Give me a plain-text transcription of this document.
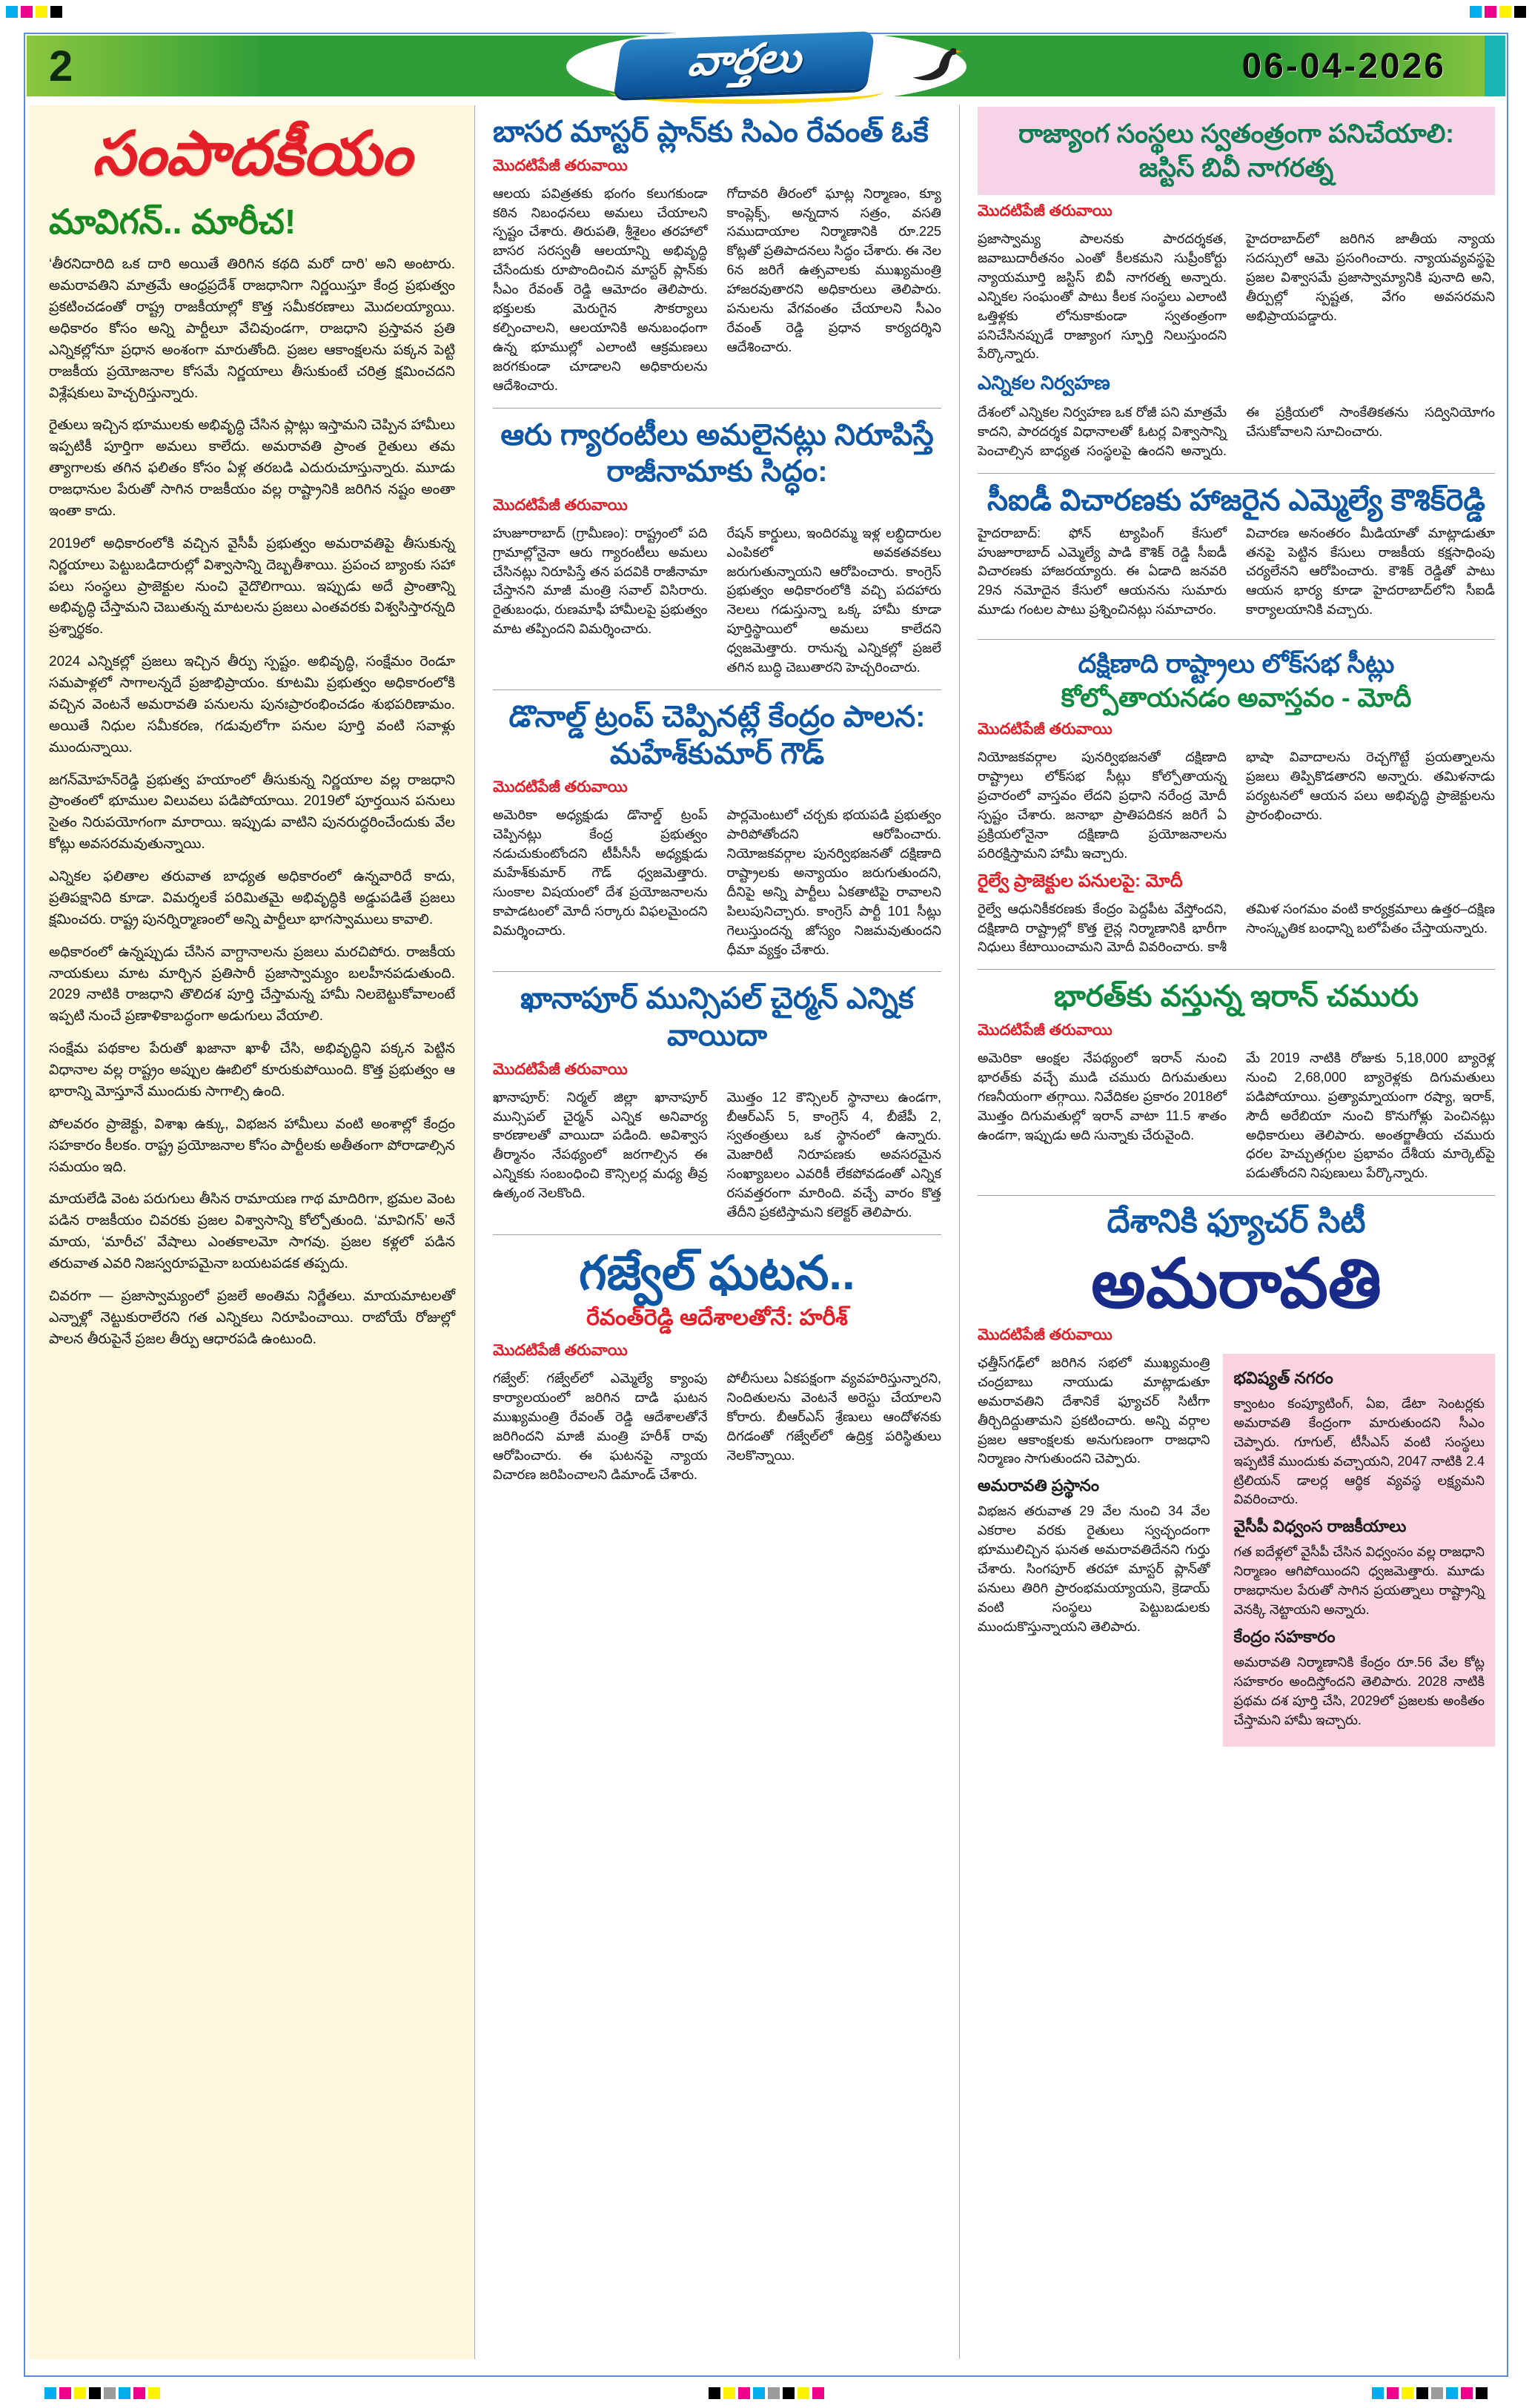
2	వార్తలు	06-04-2026
సంపాదకీయం
మావిగన్.. మారీచ!

‘తీరనిదారిది ఒక దారి అయితే తిరిగిన కథది మరో దారి’ అని అంటారు. అమరావతిని మాత్రమే ఆంధ్రప్రదేశ్ రాజధానిగా నిర్ణయిస్తూ కేంద్ర ప్రభుత్వం ప్రకటించడంతో రాష్ట్ర రాజకీయాల్లో కొత్త సమీకరణాలు మొదలయ్యాయి. అధికారం కోసం అన్ని పార్టీలూ వేచివుండగా, రాజధాని ప్రస్తావన ప్రతి ఎన్నికల్లోనూ ప్రధాన అంశంగా మారుతోంది. ప్రజల ఆకాంక్షలను పక్కన పెట్టి రాజకీయ ప్రయోజనాల కోసమే నిర్ణయాలు తీసుకుంటే చరిత్ర క్షమించదని విశ్లేషకులు హెచ్చరిస్తున్నారు.

రైతులు ఇచ్చిన భూములకు అభివృద్ధి చేసిన ప్లాట్లు ఇస్తామని చెప్పిన హామీలు ఇప్పటికీ పూర్తిగా అమలు కాలేదు. అమరావతి ప్రాంత రైతులు తమ త్యాగాలకు తగిన ఫలితం కోసం ఏళ్ల తరబడి ఎదురుచూస్తున్నారు. మూడు రాజధానుల పేరుతో సాగిన రాజకీయం వల్ల రాష్ట్రానికి జరిగిన నష్టం అంతా ఇంతా కాదు.

2019లో అధికారంలోకి వచ్చిన వైసీపీ ప్రభుత్వం అమరావతిపై తీసుకున్న నిర్ణయాలు పెట్టుబడిదారుల్లో విశ్వాసాన్ని దెబ్బతీశాయి. ప్రపంచ బ్యాంకు సహా పలు సంస్థలు ప్రాజెక్టుల నుంచి వైదొలిగాయి. ఇప్పుడు అదే ప్రాంతాన్ని అభివృద్ధి చేస్తామని చెబుతున్న మాటలను ప్రజలు ఎంతవరకు విశ్వసిస్తారన్నది ప్రశ్నార్థకం.

2024 ఎన్నికల్లో ప్రజలు ఇచ్చిన తీర్పు స్పష్టం. అభివృద్ధి, సంక్షేమం రెండూ సమపాళ్లలో సాగాలన్నదే ప్రజాభిప్రాయం. కూటమి ప్రభుత్వం అధికారంలోకి వచ్చిన వెంటనే అమరావతి పనులను పునఃప్రారంభించడం శుభపరిణామం. అయితే నిధుల సమీకరణ, గడువులోగా పనుల పూర్తి వంటి సవాళ్లు ముందున్నాయి.

జగన్‌మోహన్‌రెడ్డి ప్రభుత్వ హయాంలో తీసుకున్న నిర్ణయాల వల్ల రాజధాని ప్రాంతంలో భూముల విలువలు పడిపోయాయి. 2019లో పూర్తయిన పనులు సైతం నిరుపయోగంగా మారాయి. ఇప్పుడు వాటిని పునరుద్ధరించేందుకు వేల కోట్లు అవసరమవుతున్నాయి.

ఎన్నికల ఫలితాల తరువాత బాధ్యత అధికారంలో ఉన్నవారిదే కాదు, ప్రతిపక్షానిది కూడా. విమర్శలకే పరిమితమై అభివృద్ధికి అడ్డుపడితే ప్రజలు క్షమించరు. రాష్ట్ర పునర్నిర్మాణంలో అన్ని పార్టీలూ భాగస్వాములు కావాలి.

అధికారంలో ఉన్నప్పుడు చేసిన వాగ్దానాలను ప్రజలు మరచిపోరు. రాజకీయ నాయకులు మాట మార్చిన ప్రతిసారీ ప్రజాస్వామ్యం బలహీనపడుతుంది. 2029 నాటికి రాజధాని తొలిదశ పూర్తి చేస్తామన్న హామీ నిలబెట్టుకోవాలంటే ఇప్పటి నుంచే ప్రణాళికాబద్ధంగా అడుగులు వేయాలి.

సంక్షేమ పథకాల పేరుతో ఖజానా ఖాళీ చేసి, అభివృద్ధిని పక్కన పెట్టిన విధానాల వల్ల రాష్ట్రం అప్పుల ఊబిలో కూరుకుపోయింది. కొత్త ప్రభుత్వం ఆ భారాన్ని మోస్తూనే ముందుకు సాగాల్సి ఉంది.

పోలవరం ప్రాజెక్టు, విశాఖ ఉక్కు, విభజన హామీలు వంటి అంశాల్లో కేంద్రం సహకారం కీలకం. రాష్ట్ర ప్రయోజనాల కోసం పార్టీలకు అతీతంగా పోరాడాల్సిన సమయం ఇది.

మాయలేడి వెంట పరుగులు తీసిన రామాయణ గాథ మాదిరిగా, భ్రమల వెంట పడిన రాజకీయం చివరకు ప్రజల విశ్వాసాన్ని కోల్పోతుంది. ‘మావిగన్’ అనే మాయ, ‘మారీచ’ వేషాలు ఎంతకాలమో సాగవు. ప్రజల కళ్లలో పడిన తరువాత ఎవరి నిజస్వరూపమైనా బయటపడక తప్పదు.

చివరగా — ప్రజాస్వామ్యంలో ప్రజలే అంతిమ నిర్ణేతలు. మాయమాటలతో ఎన్నాళ్లో నెట్టుకురాలేరని గత ఎన్నికలు నిరూపించాయి. రాబోయే రోజుల్లో పాలన తీరుపైనే ప్రజల తీర్పు ఆధారపడి ఉంటుంది.

బాసర మాస్టర్ ప్లాన్‌కు సిఎం రేవంత్ ఓకే
మొదటిపేజీ తరువాయి

ఆలయ పవిత్రతకు భంగం కలుగకుండా కఠిన నిబంధనలు అమలు చేయాలని స్పష్టం చేశారు. తిరుపతి, శ్రీశైలం తరహాలో బాసర సరస్వతీ ఆలయాన్ని అభివృద్ధి చేసేందుకు రూపొందించిన మాస్టర్ ప్లాన్‌కు సీఎం రేవంత్ రెడ్డి ఆమోదం తెలిపారు. భక్తులకు మెరుగైన సౌకర్యాలు కల్పించాలని, ఆలయానికి అనుబంధంగా ఉన్న భూముల్లో ఎలాంటి ఆక్రమణలు జరగకుండా చూడాలని అధికారులను ఆదేశించారు.

గోదావరి తీరంలో ఘాట్ల నిర్మాణం, క్యూ కాంప్లెక్స్, అన్నదాన సత్రం, వసతి సముదాయాల నిర్మాణానికి రూ.225 కోట్లతో ప్రతిపాదనలు సిద్ధం చేశారు. ఈ నెల 6న జరిగే ఉత్సవాలకు ముఖ్యమంత్రి హాజరవుతారని అధికారులు తెలిపారు. పనులను వేగవంతం చేయాలని సీఎం రేవంత్ రెడ్డి ప్రధాన కార్యదర్శిని ఆదేశించారు.

ఆరు గ్యారంటీలు అమలైనట్లు నిరూపిస్తే రాజీనామాకు సిద్ధం:
మొదటిపేజీ తరువాయి

హుజూరాబాద్ (గ్రామీణం): రాష్ట్రంలో పది గ్రామాల్లోనైనా ఆరు గ్యారంటీలు అమలు చేసినట్లు నిరూపిస్తే తన పదవికి రాజీనామా చేస్తానని మాజీ మంత్రి సవాల్ విసిరారు. రైతుబంధు, రుణమాఫీ హామీలపై ప్రభుత్వం మాట తప్పిందని విమర్శించారు.

రేషన్ కార్డులు, ఇందిరమ్మ ఇళ్ల లబ్ధిదారుల ఎంపికలో అవకతవకలు జరుగుతున్నాయని ఆరోపించారు. కాంగ్రెస్ ప్రభుత్వం అధికారంలోకి వచ్చి పదహారు నెలలు గడుస్తున్నా ఒక్క హామీ కూడా పూర్తిస్థాయిలో అమలు కాలేదని ధ్వజమెత్తారు. రానున్న ఎన్నికల్లో ప్రజలే తగిన బుద్ధి చెబుతారని హెచ్చరించారు.

డొనాల్డ్ ట్రంప్ చెప్పినట్లే కేంద్రం పాలన: మహేశ్‌కుమార్ గౌడ్
మొదటిపేజీ తరువాయి

అమెరికా అధ్యక్షుడు డొనాల్డ్ ట్రంప్ చెప్పినట్లు కేంద్ర ప్రభుత్వం నడుచుకుంటోందని టీపీసీసీ అధ్యక్షుడు మహేశ్‌కుమార్ గౌడ్ ధ్వజమెత్తారు. సుంకాల విషయంలో దేశ ప్రయోజనాలను కాపాడటంలో మోదీ సర్కారు విఫలమైందని విమర్శించారు.

పార్లమెంటులో చర్చకు భయపడి ప్రభుత్వం పారిపోతోందని ఆరోపించారు. నియోజకవర్గాల పునర్విభజనతో దక్షిణాది రాష్ట్రాలకు అన్యాయం జరుగుతుందని, దీనిపై అన్ని పార్టీలు ఏకతాటిపై రావాలని పిలుపునిచ్చారు. కాంగ్రెస్ పార్టీ 101 సీట్లు గెలుస్తుందన్న జోస్యం నిజమవుతుందని ధీమా వ్యక్తం చేశారు.

ఖానాపూర్ మున్సిపల్ చైర్మన్ ఎన్నిక వాయిదా
మొదటిపేజీ తరువాయి

ఖానాపూర్: నిర్మల్ జిల్లా ఖానాపూర్ మున్సిపల్ చైర్మన్ ఎన్నిక అనివార్య కారణాలతో వాయిదా పడింది. అవిశ్వాస తీర్మానం నేపథ్యంలో జరగాల్సిన ఈ ఎన్నికకు సంబంధించి కౌన్సిలర్ల మధ్య తీవ్ర ఉత్కంఠ నెలకొంది.

మొత్తం 12 కౌన్సిలర్ స్థానాలు ఉండగా, బీఆర్ఎస్ 5, కాంగ్రెస్ 4, బీజేపీ 2, స్వతంత్రులు ఒక స్థానంలో ఉన్నారు. మెజారిటీ నిరూపణకు అవసరమైన సంఖ్యాబలం ఎవరికీ లేకపోవడంతో ఎన్నిక రసవత్తరంగా మారింది. వచ్చే వారం కొత్త తేదీని ప్రకటిస్తామని కలెక్టర్ తెలిపారు.

గజ్వేల్ ఘటన..
రేవంత్‌రెడ్డి ఆదేశాలతోనే: హరీశ్
మొదటిపేజీ తరువాయి

గజ్వేల్: గజ్వేల్‌లో ఎమ్మెల్యే క్యాంపు కార్యాలయంలో జరిగిన దాడి ఘటన ముఖ్యమంత్రి రేవంత్ రెడ్డి ఆదేశాలతోనే జరిగిందని మాజీ మంత్రి హరీశ్ రావు ఆరోపించారు. ఈ ఘటనపై న్యాయ విచారణ జరిపించాలని డిమాండ్ చేశారు.

పోలీసులు ఏకపక్షంగా వ్యవహరిస్తున్నారని, నిందితులను వెంటనే అరెస్టు చేయాలని కోరారు. బీఆర్ఎస్ శ్రేణులు ఆందోళనకు దిగడంతో గజ్వేల్‌లో ఉద్రిక్త పరిస్థితులు నెలకొన్నాయి.

రాజ్యాంగ సంస్థలు స్వతంత్రంగా పనిచేయాలి: జస్టిస్ బివీ నాగరత్న
మొదటిపేజీ తరువాయి

ప్రజాస్వామ్య పాలనకు పారదర్శకత, జవాబుదారీతనం ఎంతో కీలకమని సుప్రీంకోర్టు న్యాయమూర్తి జస్టిస్ బివీ నాగరత్న అన్నారు. ఎన్నికల సంఘంతో పాటు కీలక సంస్థలు ఎలాంటి ఒత్తిళ్లకు లోనుకాకుండా స్వతంత్రంగా పనిచేసినప్పుడే రాజ్యాంగ స్ఫూర్తి నిలుస్తుందని పేర్కొన్నారు.

హైదరాబాద్‌లో జరిగిన జాతీయ న్యాయ సదస్సులో ఆమె ప్రసంగించారు. న్యాయవ్యవస్థపై ప్రజల విశ్వాసమే ప్రజాస్వామ్యానికి పునాది అని, తీర్పుల్లో స్పష్టత, వేగం అవసరమని అభిప్రాయపడ్డారు.

ఎన్నికల నిర్వహణ

దేశంలో ఎన్నికల నిర్వహణ ఒక రోజీ పని మాత్రమే కాదని, పారదర్శక విధానాలతో ఓటర్ల విశ్వాసాన్ని పెంచాల్సిన బాధ్యత సంస్థలపై ఉందని అన్నారు. ఈ ప్రక్రియలో సాంకేతికతను సద్వినియోగం చేసుకోవాలని సూచించారు.

సీఐడీ విచారణకు హాజరైన ఎమ్మెల్యే కౌశిక్‌రెడ్డి

హైదరాబాద్: ఫోన్ ట్యాపింగ్ కేసులో హుజూరాబాద్ ఎమ్మెల్యే పాడి కౌశిక్ రెడ్డి సీఐడీ విచారణకు హాజరయ్యారు. ఈ ఏడాది జనవరి 29న నమోదైన కేసులో ఆయనను సుమారు మూడు గంటల పాటు ప్రశ్నించినట్లు సమాచారం.

విచారణ అనంతరం మీడియాతో మాట్లాడుతూ తనపై పెట్టిన కేసులు రాజకీయ కక్షసాధింపు చర్యలేనని ఆరోపించారు. కౌశిక్ రెడ్డితో పాటు ఆయన భార్య కూడా హైదరాబాద్‌లోని సీఐడీ కార్యాలయానికి వచ్చారు.

దక్షిణాది రాష్ట్రాలు లోక్‌సభ సీట్లు
కోల్పోతాయనడం అవాస్తవం - మోదీ
మొదటిపేజీ తరువాయి

నియోజకవర్గాల పునర్విభజనతో దక్షిణాది రాష్ట్రాలు లోక్‌సభ సీట్లు కోల్పోతాయన్న ప్రచారంలో వాస్తవం లేదని ప్రధాని నరేంద్ర మోదీ స్పష్టం చేశారు. జనాభా ప్రాతిపదికన జరిగే ఏ ప్రక్రియలోనైనా దక్షిణాది ప్రయోజనాలను పరిరక్షిస్తామని హామీ ఇచ్చారు.

భాషా వివాదాలను రెచ్చగొట్టే ప్రయత్నాలను ప్రజలు తిప్పికొడతారని అన్నారు. తమిళనాడు పర్యటనలో ఆయన పలు అభివృద్ధి ప్రాజెక్టులను ప్రారంభించారు.

రైల్వే ప్రాజెక్టుల పనులపై: మోదీ

రైల్వే ఆధునికీకరణకు కేంద్రం పెద్దపీట వేస్తోందని, దక్షిణాది రాష్ట్రాల్లో కొత్త లైన్ల నిర్మాణానికి భారీగా నిధులు కేటాయించామని మోదీ వివరించారు. కాశీ తమిళ సంగమం వంటి కార్యక్రమాలు ఉత్తర–దక్షిణ సాంస్కృతిక బంధాన్ని బలోపేతం చేస్తాయన్నారు.

భారత్‌కు వస్తున్న ఇరాన్ చమురు
మొదటిపేజీ తరువాయి

అమెరికా ఆంక్షల నేపథ్యంలో ఇరాన్ నుంచి భారత్‌కు వచ్చే ముడి చమురు దిగుమతులు గణనీయంగా తగ్గాయి. నివేదికల ప్రకారం 2018లో మొత్తం దిగుమతుల్లో ఇరాన్ వాటా 11.5 శాతం ఉండగా, ఇప్పుడు అది సున్నాకు చేరువైంది.

మే 2019 నాటికి రోజుకు 5,18,000 బ్యారెళ్ల నుంచి 2,68,000 బ్యారెళ్లకు దిగుమతులు పడిపోయాయి. ప్రత్యామ్నాయంగా రష్యా, ఇరాక్, సౌదీ అరేబియా నుంచి కొనుగోళ్లు పెంచినట్లు అధికారులు తెలిపారు. అంతర్జాతీయ చమురు ధరల హెచ్చుతగ్గుల ప్రభావం దేశీయ మార్కెట్‌పై పడుతోందని నిపుణులు పేర్కొన్నారు.

దేశానికి ఫ్యూచర్ సిటీ
అమరావతి
మొదటిపేజీ తరువాయి

ఛత్తీస్‌గఢ్‌లో జరిగిన సభలో ముఖ్యమంత్రి చంద్రబాబు నాయుడు మాట్లాడుతూ అమరావతిని దేశానికే ఫ్యూచర్ సిటీగా తీర్చిదిద్దుతామని ప్రకటించారు. అన్ని వర్గాల ప్రజల ఆకాంక్షలకు అనుగుణంగా రాజధాని నిర్మాణం సాగుతుందని చెప్పారు.

అమరావతి ప్రస్థానం

విభజన తరువాత 29 వేల నుంచి 34 వేల ఎకరాల వరకు రైతులు స్వచ్ఛందంగా భూములిచ్చిన ఘనత అమరావతిదేనని గుర్తు చేశారు. సింగపూర్ తరహా మాస్టర్ ప్లాన్‌తో పనులు తిరిగి ప్రారంభమయ్యాయని, క్రెడాయ్ వంటి సంస్థలు పెట్టుబడులకు ముందుకొస్తున్నాయని తెలిపారు.

భవిష్యత్ నగరం

క్వాంటం కంప్యూటింగ్, ఏఐ, డేటా సెంటర్లకు అమరావతి కేంద్రంగా మారుతుందని సీఎం చెప్పారు. గూగుల్, టీసీఎస్ వంటి సంస్థలు ఇప్పటికే ముందుకు వచ్చాయని, 2047 నాటికి 2.4 ట్రిలియన్ డాలర్ల ఆర్థిక వ్యవస్థ లక్ష్యమని వివరించారు.

వైసీపీ విధ్వంస రాజకీయాలు

గత ఐదేళ్లలో వైసీపీ చేసిన విధ్వంసం వల్ల రాజధాని నిర్మాణం ఆగిపోయిందని ధ్వజమెత్తారు. మూడు రాజధానుల పేరుతో సాగిన ప్రయత్నాలు రాష్ట్రాన్ని వెనక్కి నెట్టాయని అన్నారు.

కేంద్రం సహకారం

అమరావతి నిర్మాణానికి కేంద్రం రూ.56 వేల కోట్ల సహకారం అందిస్తోందని తెలిపారు. 2028 నాటికి ప్రథమ దశ పూర్తి చేసి, 2029లో ప్రజలకు అంకితం చేస్తామని హామీ ఇచ్చారు.
